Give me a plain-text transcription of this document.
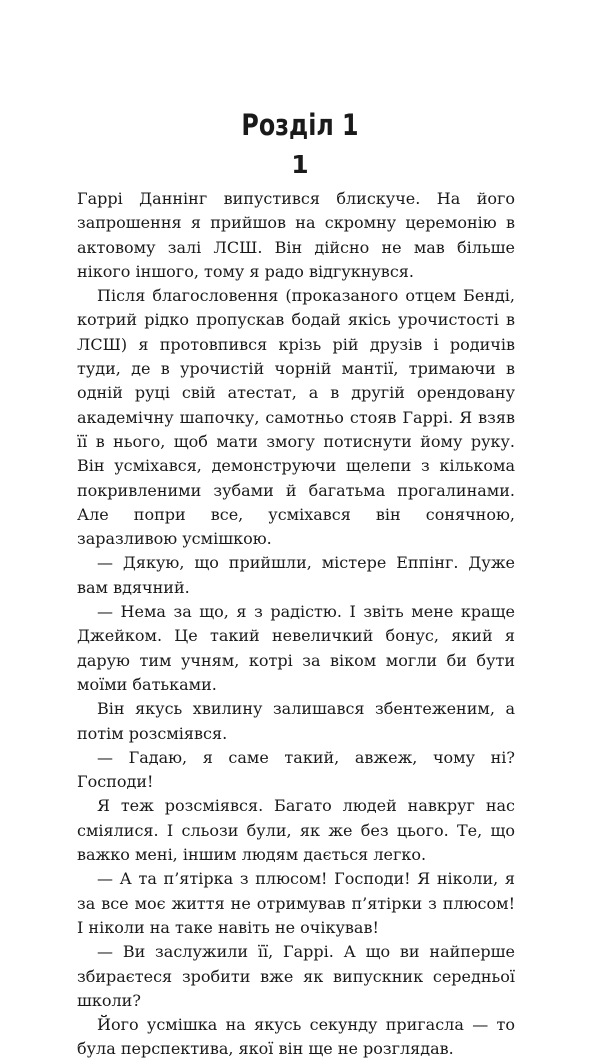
Розділ 1
1

Гаррі Даннінг випустився блискуче. На його запрошення я прийшов на скромну церемонію в актовому залі ЛСШ. Він дійсно не мав більше нікого іншого, тому я радо відгукнувся.

Після благословення (проказаного отцем Бенді, котрий рідко пропускав бодай якісь урочистості в ЛСШ) я протовпився крізь рій друзів і родичів туди, де в урочистій чорній мантії, тримаючи в одній руці свій атестат, а в другій орендовану академічну шапочку, самотньо стояв Гаррі. Я взяв її в нього, щоб мати змогу потиснути йому руку. Він усміхався, демонструючи щелепи з кількома покривленими зубами й багатьма прогалинами. Але попри все, усміхався він сонячною, заразливою усмішкою.

— Дякую, що прийшли, містере Еппінг. Дуже вам вдячний.

— Нема за що, я з радістю. І звіть мене краще Джейком. Це такий невеличкий бонус, який я дарую тим учням, котрі за віком могли би бути моїми батьками.

Він якусь хвилину залишався збентеженим, а потім розсміявся.

— Гадаю, я саме такий, авжеж, чому ні? Господи!

Я теж розсміявся. Багато людей навкруг нас сміялися. І сльози були, як же без цього. Те, що важко мені, іншим людям дається легко.

— А та п’ятірка з плюсом! Господи! Я ніколи, я за все моє життя не отримував п’ятірки з плюсом! І ніколи на таке навіть не очікував!

— Ви заслужили її, Гаррі. А що ви найперше збираєтеся зробити вже як випускник середньої школи?

Його усмішка на якусь секунду пригасла — то була перспектива, якої він ще не розглядав.
